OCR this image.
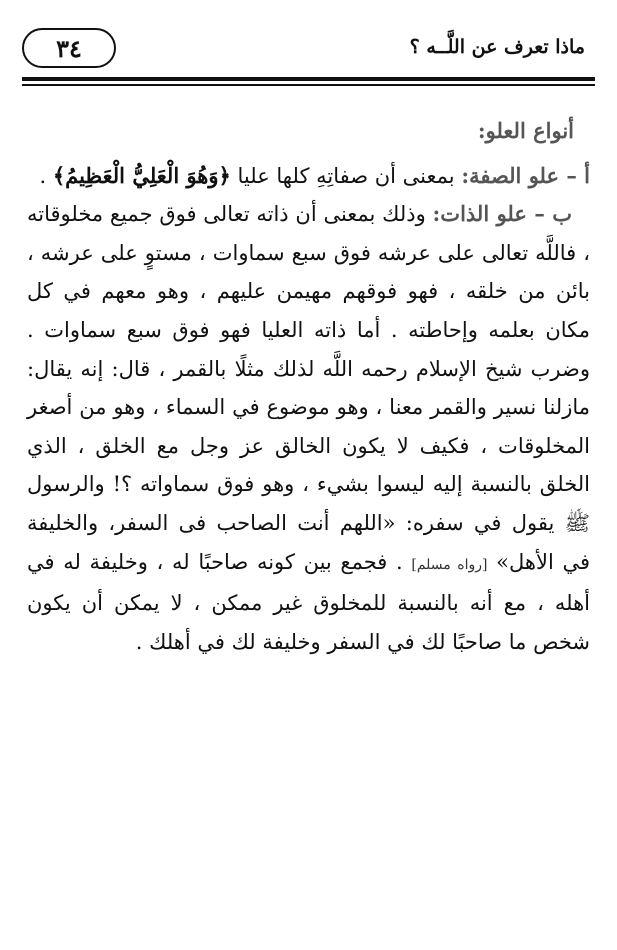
٣٤	ماذا تعرف عن اللَّــه ؟
أنواع العلو:

أ – علو الصفة: بمعنى أن صفاتِهِ كلها عليا ﴿وَهُوَ الْعَلِيُّ الْعَظِيمُ﴾ .

ب – علو الذات: وذلك بمعنى أن ذاته تعالى فوق جميع مخلوقاته ، فاللَّه تعالى على عرشه فوق سبع سماوات ، مستوٍ على عرشه ، بائن من خلقه ، فهو فوقهم مهيمن عليهم ، وهو معهم في كل مكان بعلمه وإحاطته . أما ذاته العليا فهو فوق سبع سماوات . وضرب شيخ الإسلام رحمه اللَّه لذلك مثلًا بالقمر ، قال: إنه يقال: مازلنا نسير والقمر معنا ، وهو موضوع في السماء ، وهو من أصغر المخلوقات ، فكيف لا يكون الخالق عز وجل مع الخلق ، الذي الخلق بالنسبة إليه ليسوا بشيء ، وهو فوق سماواته ؟! والرسول ﷺ يقول في سفره: «اللهم أنت الصاحب فى السفر، والخليفة في الأهل» [رواه مسلم] . فجمع بين كونه صاحبًا له ، وخليفة له في أهله ، مع أنه بالنسبة للمخلوق غير ممكن ، لا يمكن أن يكون شخص ما صاحبًا لك في السفر وخليفة لك في أهلك .
